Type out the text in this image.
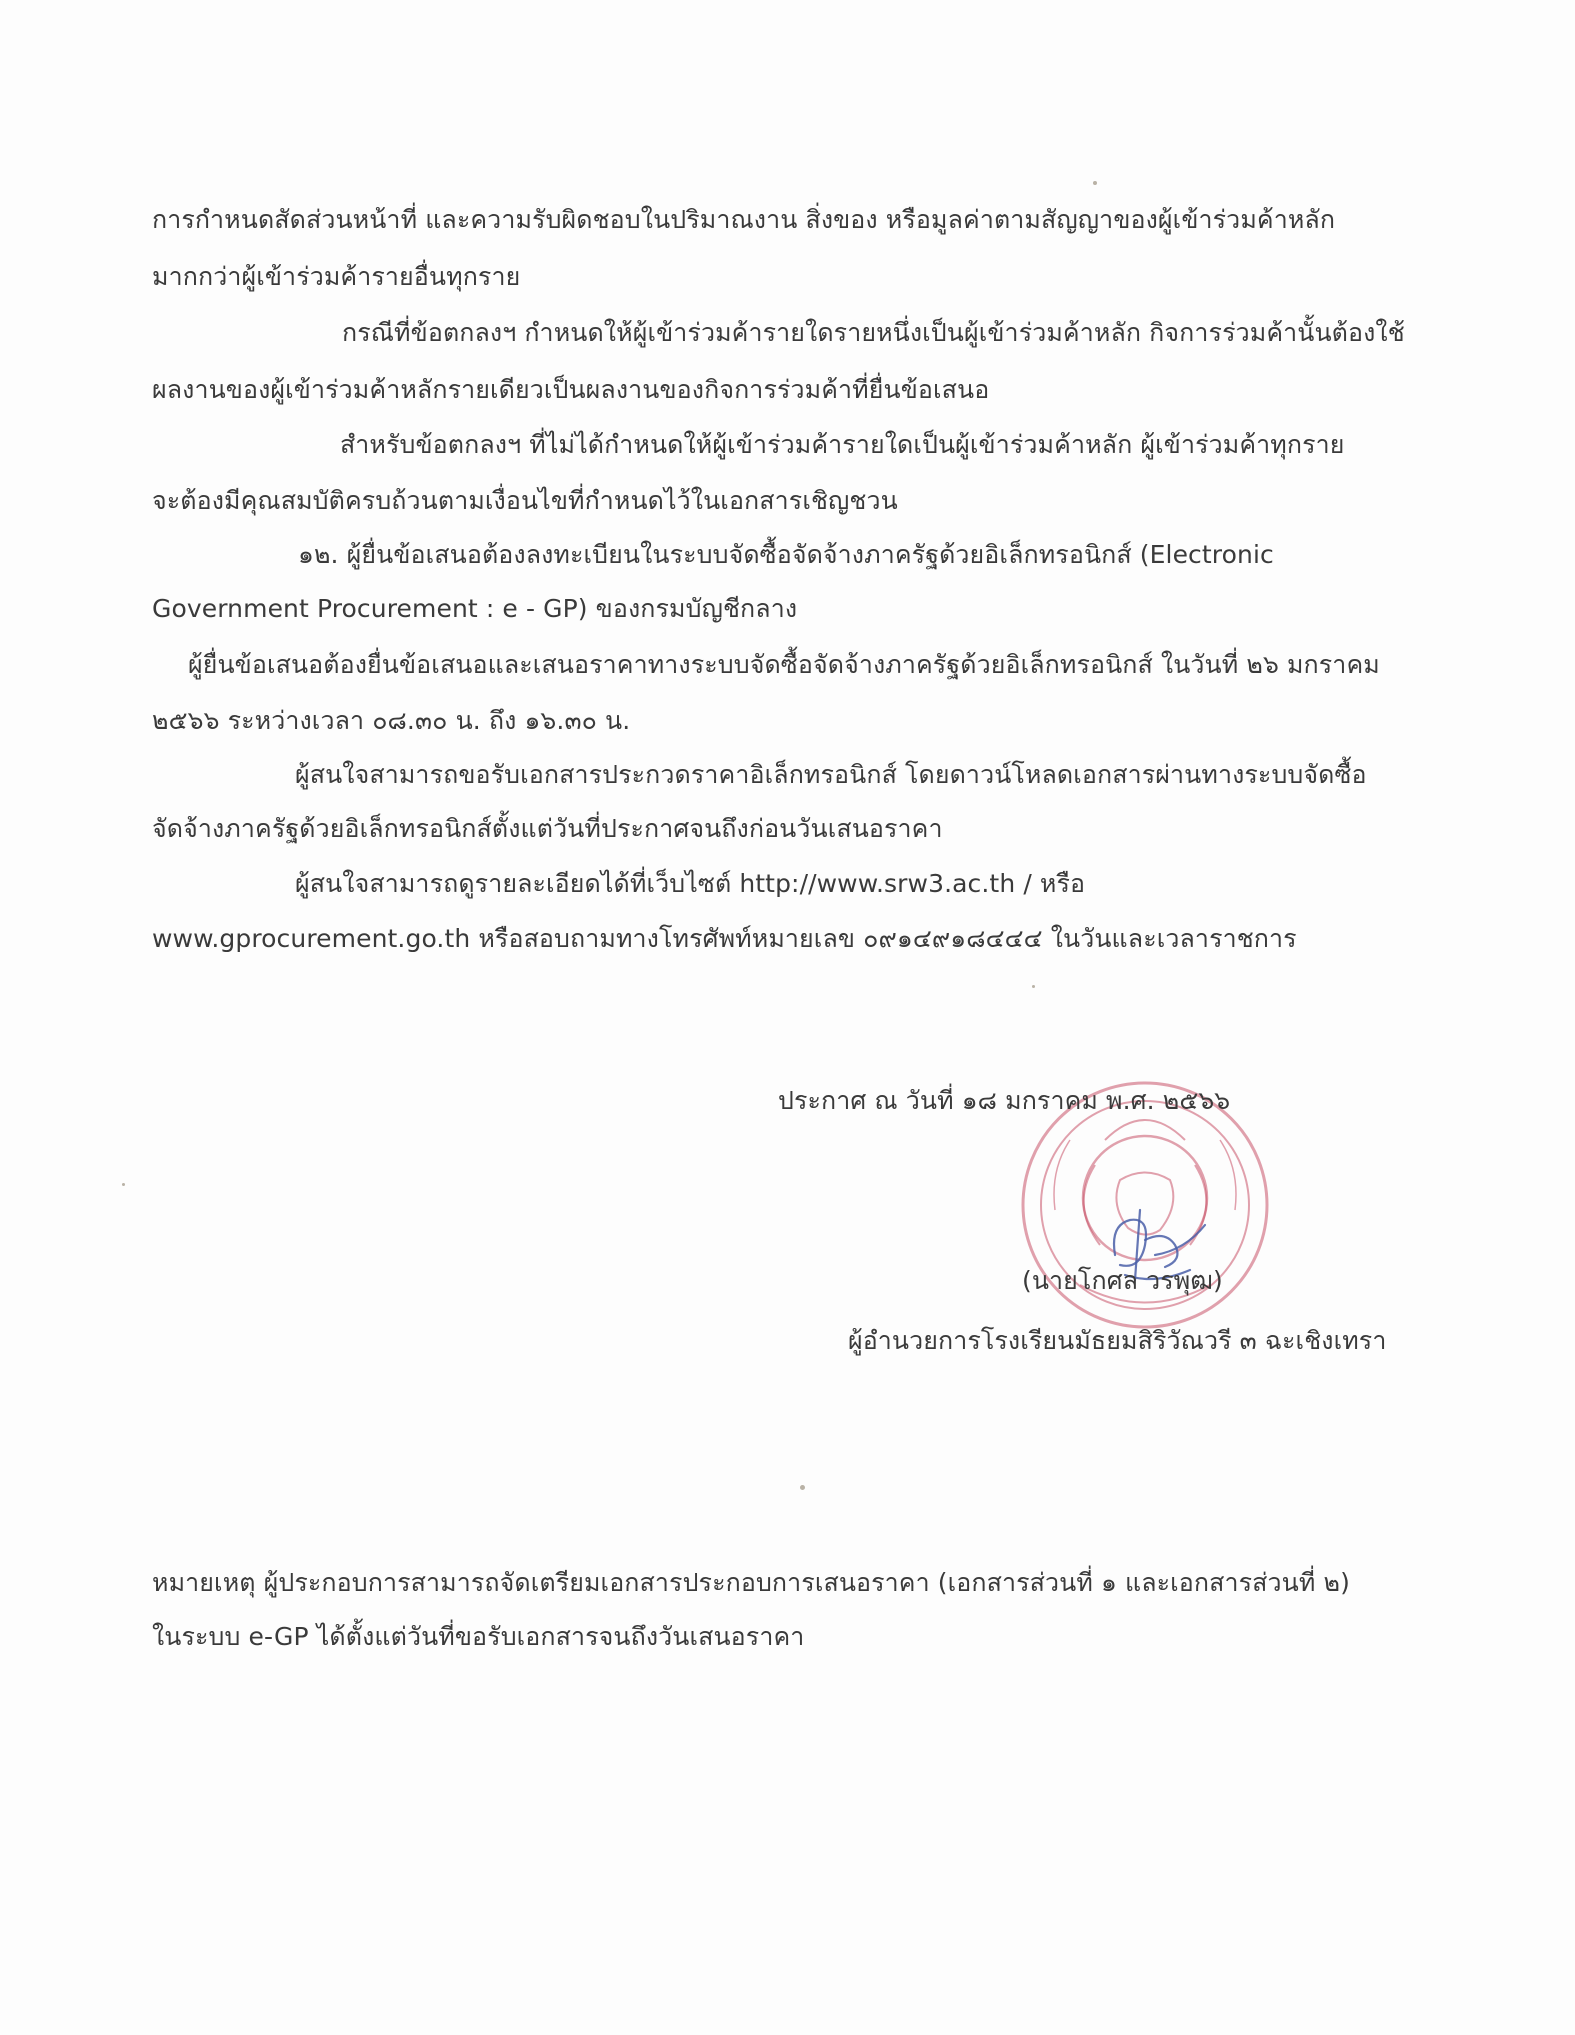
การกำหนดสัดส่วนหน้าที่ และความรับผิดชอบในปริมาณงาน สิ่งของ หรือมูลค่าตามสัญญาของผู้เข้าร่วมค้าหลัก
มากกว่าผู้เข้าร่วมค้ารายอื่นทุกราย
กรณีที่ข้อตกลงฯ กำหนดให้ผู้เข้าร่วมค้ารายใดรายหนึ่งเป็นผู้เข้าร่วมค้าหลัก กิจการร่วมค้านั้นต้องใช้
ผลงานของผู้เข้าร่วมค้าหลักรายเดียวเป็นผลงานของกิจการร่วมค้าที่ยื่นข้อเสนอ
สำหรับข้อตกลงฯ ที่ไม่ได้กำหนดให้ผู้เข้าร่วมค้ารายใดเป็นผู้เข้าร่วมค้าหลัก ผู้เข้าร่วมค้าทุกราย
จะต้องมีคุณสมบัติครบถ้วนตามเงื่อนไขที่กำหนดไว้ในเอกสารเชิญชวน
๑๒. ผู้ยื่นข้อเสนอต้องลงทะเบียนในระบบจัดซื้อจัดจ้างภาครัฐด้วยอิเล็กทรอนิกส์ (Electronic
Government Procurement : e - GP) ของกรมบัญชีกลาง
ผู้ยื่นข้อเสนอต้องยื่นข้อเสนอและเสนอราคาทางระบบจัดซื้อจัดจ้างภาครัฐด้วยอิเล็กทรอนิกส์ ในวันที่ ๒๖ มกราคม
๒๕๖๖ ระหว่างเวลา ๐๘.๓๐ น. ถึง ๑๖.๓๐ น.
ผู้สนใจสามารถขอรับเอกสารประกวดราคาอิเล็กทรอนิกส์ โดยดาวน์โหลดเอกสารผ่านทางระบบจัดซื้อ
จัดจ้างภาครัฐด้วยอิเล็กทรอนิกส์ตั้งแต่วันที่ประกาศจนถึงก่อนวันเสนอราคา
ผู้สนใจสามารถดูรายละเอียดได้ที่เว็บไซต์ http://www.srw3.ac.th / หรือ
www.gprocurement.go.th หรือสอบถามทางโทรศัพท์หมายเลข ๐๙๑๔๙๑๘๔๔๔ ในวันและเวลาราชการ
ประกาศ ณ วันที่ ๑๘ มกราคม พ.ศ. ๒๕๖๖
(นายโกศล วรพุฒ)
ผู้อำนวยการโรงเรียนมัธยมสิริวัณวรี ๓ ฉะเชิงเทรา
หมายเหตุ ผู้ประกอบการสามารถจัดเตรียมเอกสารประกอบการเสนอราคา (เอกสารส่วนที่ ๑ และเอกสารส่วนที่ ๒)
ในระบบ e-GP ได้ตั้งแต่วันที่ขอรับเอกสารจนถึงวันเสนอราคา
